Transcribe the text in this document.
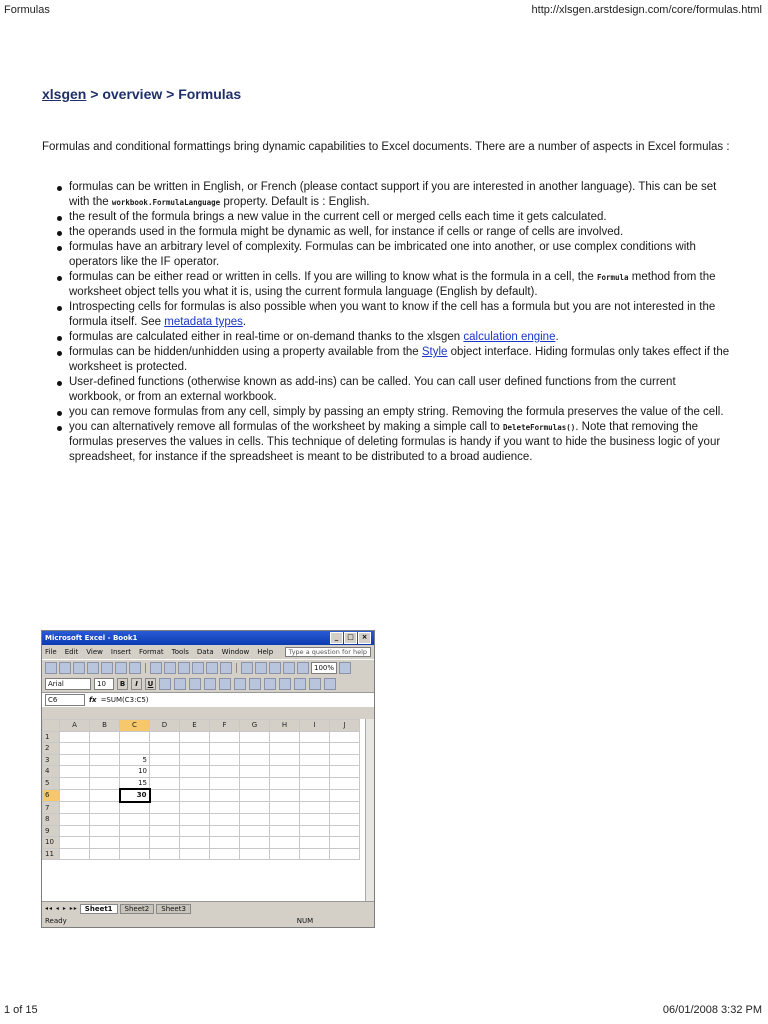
Formulas	http://xlsgen.arstdesign.com/core/formulas.html
xlsgen > overview > Formulas
Formulas and conditional formattings bring dynamic capabilities to Excel documents. There are a number of aspects in Excel formulas :
formulas can be written in English, or French (please contact support if you are interested in another language). This can be set with the workbook.FormulaLanguage property. Default is : English.
the result of the formula brings a new value in the current cell or merged cells each time it gets calculated.
the operands used in the formula might be dynamic as well, for instance if cells or range of cells are involved.
formulas have an arbitrary level of complexity. Formulas can be imbricated one into another, or use complex conditions with operators like the IF operator.
formulas can be either read or written in cells. If you are willing to know what is the formula in a cell, the Formula method from the worksheet object tells you what it is, using the current formula language (English by default).
Introspecting cells for formulas is also possible when you want to know if the cell has a formula but you are not interested in the formula itself. See metadata types.
formulas are calculated either in real-time or on-demand thanks to the xlsgen calculation engine.
formulas can be hidden/unhidden using a property available from the Style object interface. Hiding formulas only takes effect if the worksheet is protected.
User-defined functions (otherwise known as add-ins) can be called. You can call user defined functions from the current workbook, or from an external workbook.
you can remove formulas from any cell, simply by passing an empty string. Removing the formula preserves the value of the cell.
you can alternatively remove all formulas of the worksheet by making a simple call to DeleteFormulas(). Note that removing the formulas preserves the values in cells. This technique of deleting formulas is handy if you want to hide the business logic of your spreadsheet, for instance if the spreadsheet is meant to be distributed to a broad audience.
Microsoft Excel - Book1	_	□	×
File Edit View Insert Format Tools Data Window Help	Type a question for help
100%
Arial	10	B	I	U
C6	fx =SUM(C3:C5)
	A	B	C	D	E	F	G	H	I	J
1										
2										
3			5							
4			10							
5			15							
6			30							
7										
8										
9										
10										
11										
◂◂ ◂ ▸ ▸▸	Sheet1	Sheet2	Sheet3
Ready	NUM
1 of 15	06/01/2008 3:32 PM
